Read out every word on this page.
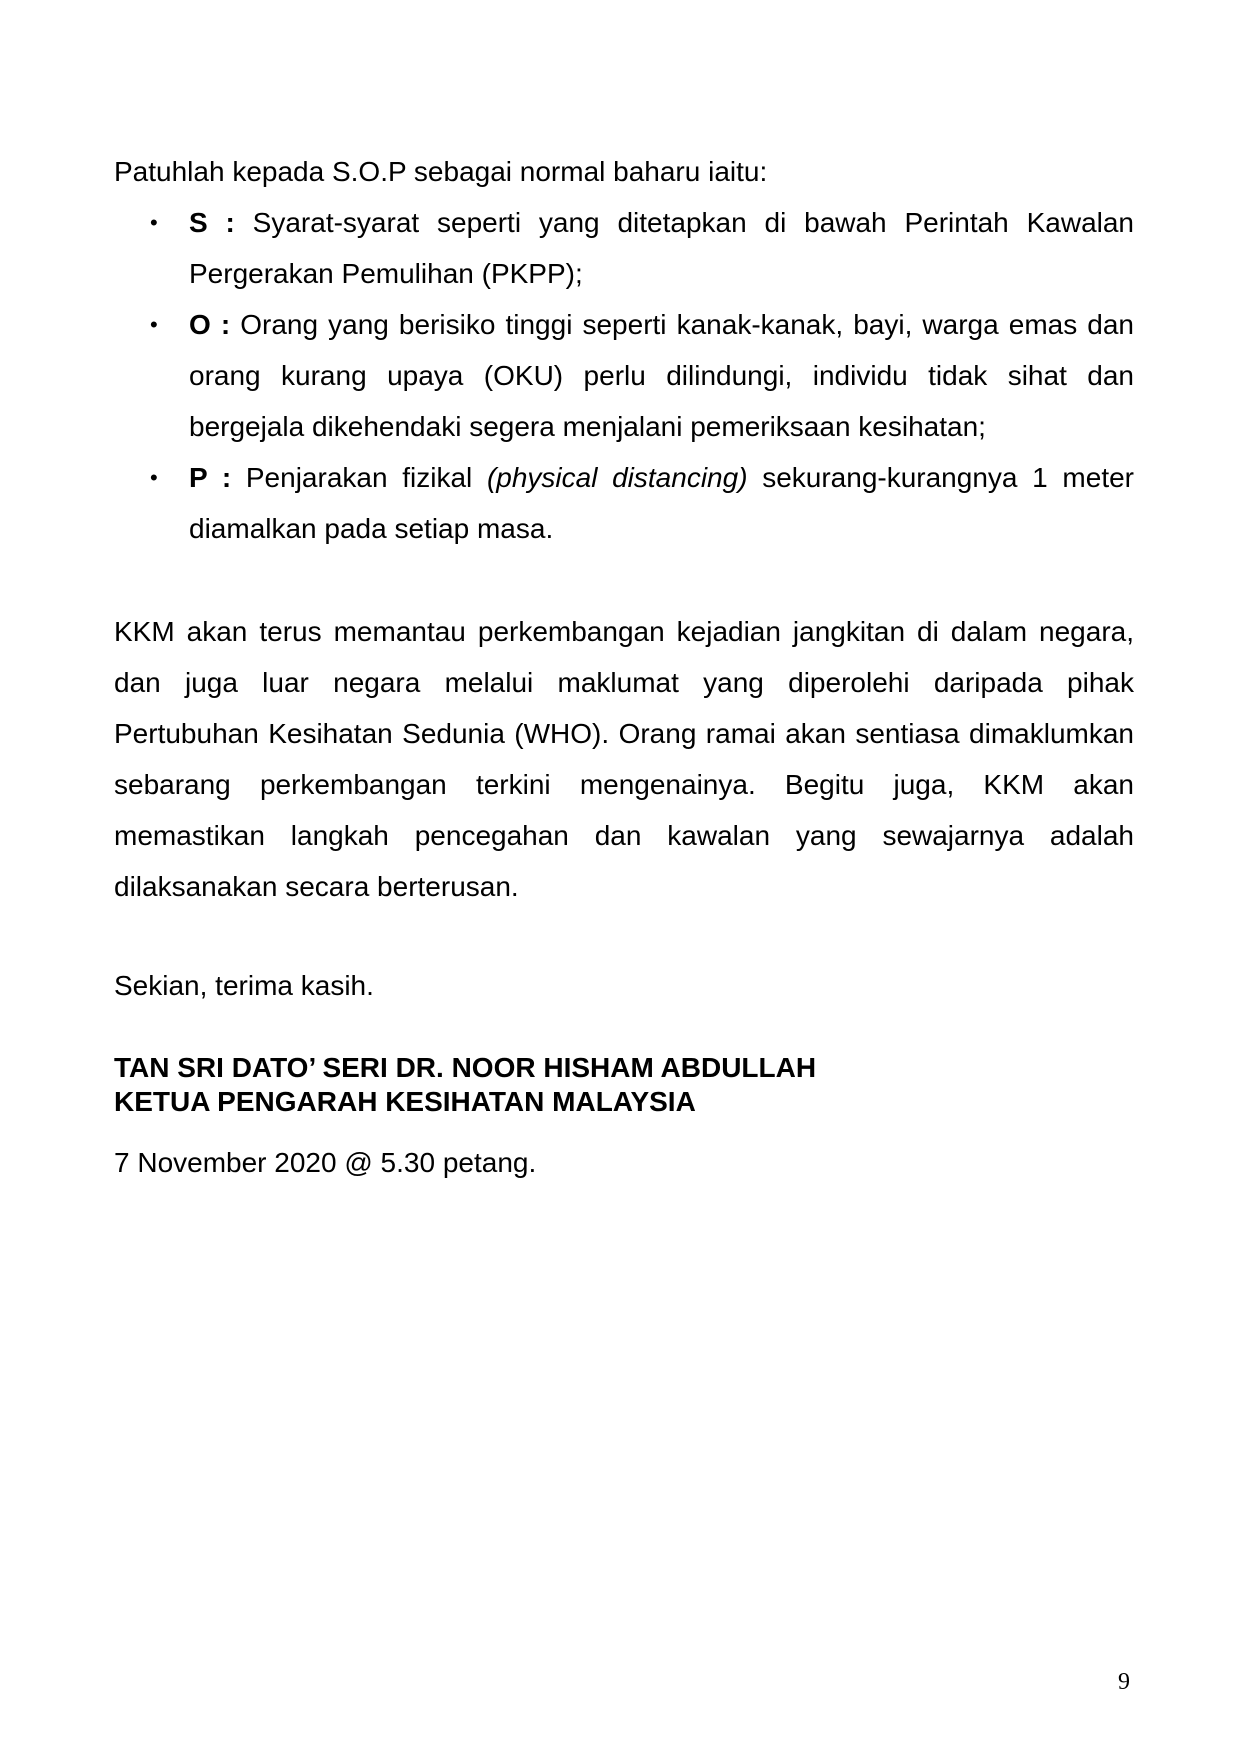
Patuhlah kepada S.O.P sebagai normal baharu iaitu:

• S : Syarat-syarat seperti yang ditetapkan di bawah Perintah Kawalan Pergerakan Pemulihan (PKPP);
• O : Orang yang berisiko tinggi seperti kanak-kanak, bayi, warga emas dan orang kurang upaya (OKU) perlu dilindungi, individu tidak sihat dan bergejala dikehendaki segera menjalani pemeriksaan kesihatan;
• P : Penjarakan fizikal (physical distancing) sekurang-kurangnya 1 meter diamalkan pada setiap masa.

KKM akan terus memantau perkembangan kejadian jangkitan di dalam negara, dan juga luar negara melalui maklumat yang diperolehi daripada pihak Pertubuhan Kesihatan Sedunia (WHO). Orang ramai akan sentiasa dimaklumkan sebarang perkembangan terkini mengenainya. Begitu juga, KKM akan memastikan langkah pencegahan dan kawalan yang sewajarnya adalah dilaksanakan secara berterusan.

Sekian, terima kasih.

TAN SRI DATO’ SERI DR. NOOR HISHAM ABDULLAH

KETUA PENGARAH KESIHATAN MALAYSIA

7 November 2020 @ 5.30 petang.

9
